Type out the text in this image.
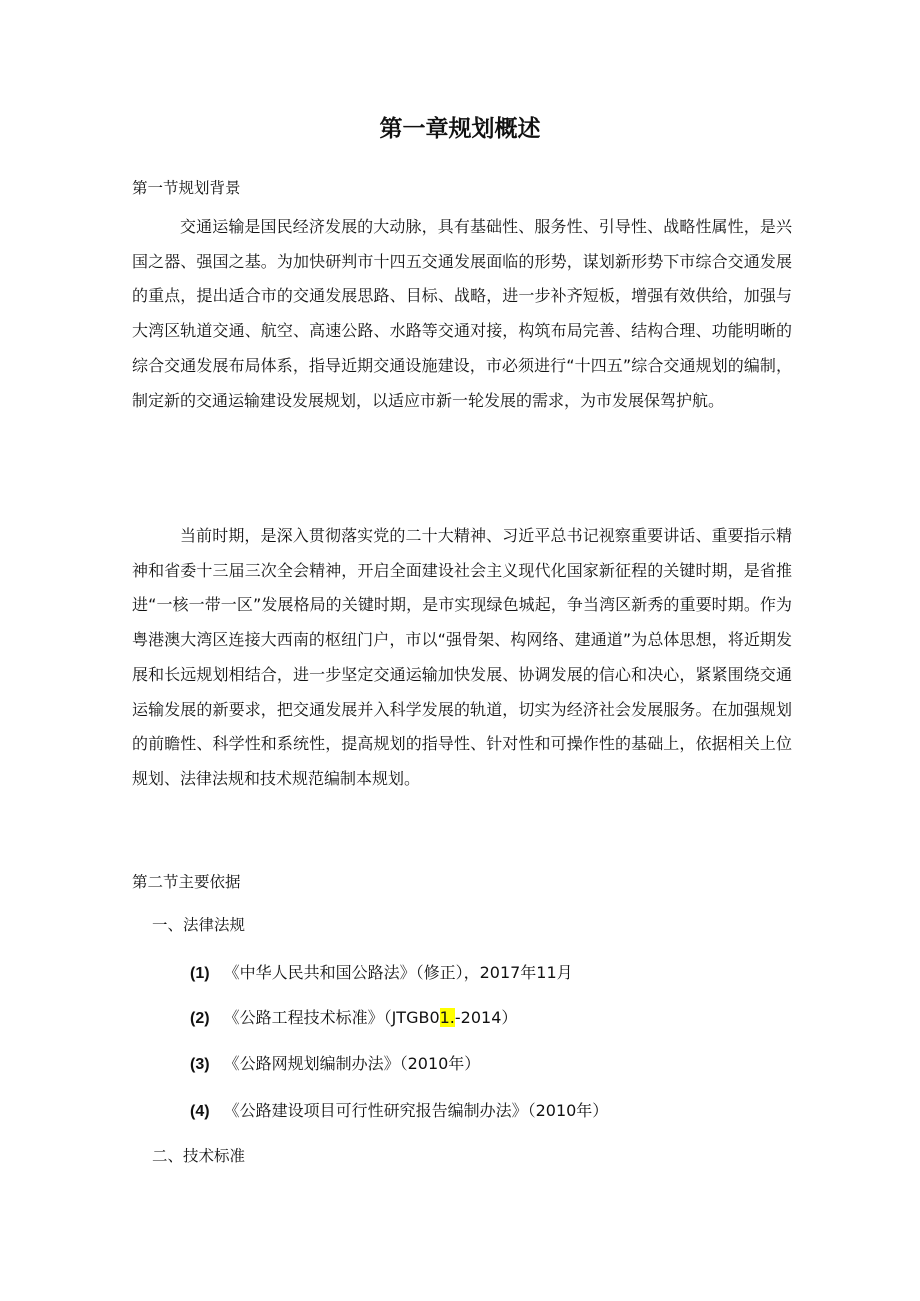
第一章规划概述
第一节规划背景
交通运输是国民经济发展的大动脉，具有基础性、服务性、引导性、战略性属性，是兴国之器、强国之基。为加快研判市十四五交通发展面临的形势，谋划新形势下市综合交通发展的重点，提出适合市的交通发展思路、目标、战略，进一步补齐短板，增强有效供给，加强与大湾区轨道交通、航空、高速公路、水路等交通对接，构筑布局完善、结构合理、功能明晰的综合交通发展布局体系，指导近期交通设施建设，市必须进行“十四五”综合交通规划的编制，制定新的交通运输建设发展规划，以适应市新一轮发展的需求，为市发展保驾护航。
当前时期，是深入贯彻落实党的二十大精神、习近平总书记视察重要讲话、重要指示精神和省委十三届三次全会精神，开启全面建设社会主义现代化国家新征程的关键时期，是省推进“一核一带一区”发展格局的关键时期，是市实现绿色城起，争当湾区新秀的重要时期。作为粤港澳大湾区连接大西南的枢纽门户，市以“强骨架、构网络、建通道”为总体思想，将近期发展和长远规划相结合，进一步坚定交通运输加快发展、协调发展的信心和决心，紧紧围绕交通运输发展的新要求，把交通发展并入科学发展的轨道，切实为经济社会发展服务。在加强规划的前瞻性、科学性和系统性，提高规划的指导性、针对性和可操作性的基础上，依据相关上位规划、法律法规和技术规范编制本规划。
第二节主要依据
一、法律法规
(1) 《中华人民共和国公路法》（修正），2017年11月
(2) 《公路工程技术标准》（JTGB01.-2014）
(3) 《公路网规划编制办法》（2010年）
(4) 《公路建设项目可行性研究报告编制办法》（2010年）
二、技术标准
